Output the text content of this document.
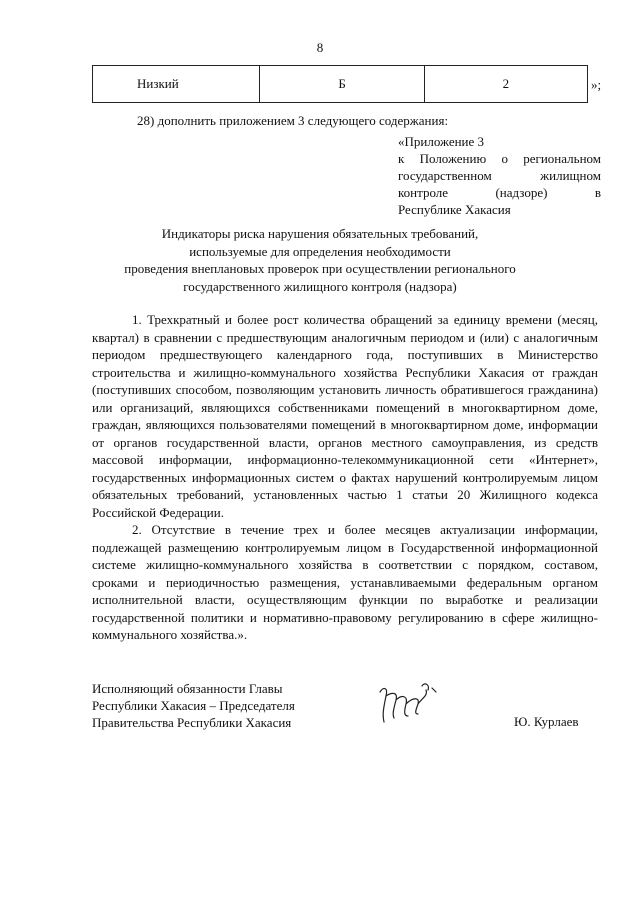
8
Низкий	Б	2	»;
28) дополнить приложением 3 следующего содержания:
«Приложение 3
к Положению о региональном
государственном жилищном
контроле (надзоре) в
Республике Хакасия
Индикаторы риска нарушения обязательных требований,
используемые для определения необходимости
проведения внеплановых проверок при осуществлении регионального
государственного жилищного контроля (надзора)

1. Трехкратный и более рост количества обращений за единицу времени (месяц, квартал) в сравнении с предшествующим аналогичным периодом и (или) с аналогичным периодом предшествующего календарного года, поступивших в Министерство строительства и жилищно-коммунального хозяйства Республики Хакасия от граждан (поступивших способом, позволяющим установить личность обратившегося гражданина) или организаций, являющихся собственниками помещений в многоквартирном доме, граждан, являющихся пользователями помещений в многоквартирном доме, информации от органов государственной власти, органов местного самоуправления, из средств массовой информации, информационно-телекоммуникационной сети «Интернет», государственных информационных систем о фактах нарушений контролируемым лицом обязательных требований, установленных частью 1 статьи 20 Жилищного кодекса Российской Федерации.

2. Отсутствие в течение трех и более месяцев актуализации информации, подлежащей размещению контролируемым лицом в Государственной информационной системе жилищно-коммунального хозяйства в соответствии с порядком, составом, сроками и периодичностью размещения, устанавливаемыми федеральным органом исполнительной власти, осуществляющим функции по выработке и реализации государственной политики и нормативно-правовому регулированию в сфере жилищно-коммунального хозяйства.».

Исполняющий обязанности Главы
Республики Хакасия – Председателя
Правительства Республики Хакасия	Ю. Курлаев
